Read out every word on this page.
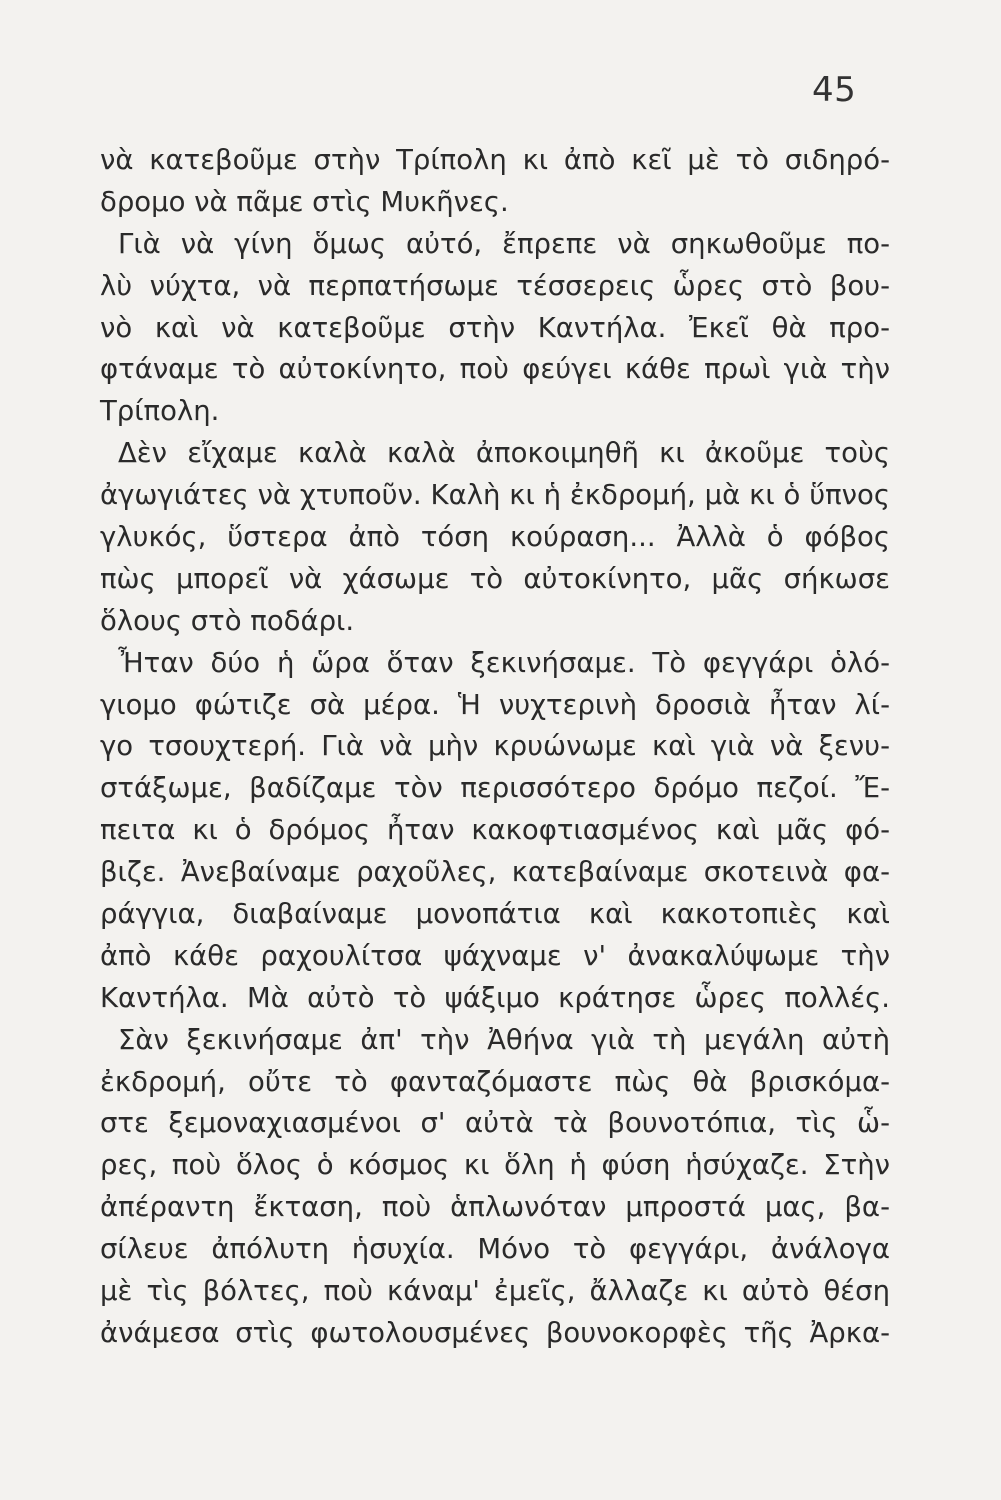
45
νὰ κατεβοῦμε στὴν Τρίπολη κι ἀπὸ κεῖ μὲ τὸ σιδηρό-
δρομο νὰ πᾶμε στὶς Μυκῆνες.
Γιὰ νὰ γίνη ὅμως αὐτό, ἔπρεπε νὰ σηκωθοῦμε πο-
λὺ νύχτα, νὰ περπατήσωμε τέσσερεις ὧρες στὸ βου-
νὸ καὶ νὰ κατεβοῦμε στὴν Καντήλα. Ἐκεῖ θὰ προ-
φτάναμε τὸ αὐτοκίνητο, ποὺ φεύγει κάθε πρωὶ γιὰ τὴν
Τρίπολη.
Δὲν εἴχαμε καλὰ καλὰ ἀποκοιμηθῆ κι ἀκοῦμε τοὺς
ἀγωγιάτες νὰ χτυποῦν. Καλὴ κι ἡ ἐκδρομή, μὰ κι ὁ ὕπνος
γλυκός, ὕστερα ἀπὸ τόση κούραση... Ἀλλὰ ὁ φόβος
πὼς μπορεῖ νὰ χάσωμε τὸ αὐτοκίνητο, μᾶς σήκωσε
ὅλους στὸ ποδάρι.
Ἦταν δύο ἡ ὥρα ὅταν ξεκινήσαμε. Τὸ φεγγάρι ὁλό-
γιομο φώτιζε σὰ μέρα. Ἡ νυχτερινὴ δροσιὰ ἦταν λί-
γο τσουχτερή. Γιὰ νὰ μὴν κρυώνωμε καὶ γιὰ νὰ ξενυ-
στάξωμε, βαδίζαμε τὸν περισσότερο δρόμο πεζοί. Ἔ-
πειτα κι ὁ δρόμος ἦταν κακοφτιασμένος καὶ μᾶς φό-
βιζε. Ἀνεβαίναμε ραχοῦλες, κατεβαίναμε σκοτεινὰ φα-
ράγγια, διαβαίναμε μονοπάτια καὶ κακοτοπιὲς καὶ
ἀπὸ κάθε ραχουλίτσα ψάχναμε ν' ἀνακαλύψωμε τὴν
Καντήλα. Μὰ αὐτὸ τὸ ψάξιμο κράτησε ὧρες πολλές.
Σὰν ξεκινήσαμε ἀπ' τὴν Ἀθήνα γιὰ τὴ μεγάλη αὐτὴ
ἐκδρομή, οὔτε τὸ φανταζόμαστε πὼς θὰ βρισκόμα-
στε ξεμοναχιασμένοι σ' αὐτὰ τὰ βουνοτόπια, τὶς ὧ-
ρες, ποὺ ὅλος ὁ κόσμος κι ὅλη ἡ φύση ἡσύχαζε. Στὴν
ἀπέραντη ἔκταση, ποὺ ἁπλωνόταν μπροστά μας, βα-
σίλευε ἀπόλυτη ἡσυχία. Μόνο τὸ φεγγάρι, ἀνάλογα
μὲ τὶς βόλτες, ποὺ κάναμ' ἐμεῖς, ἄλλαζε κι αὐτὸ θέση
ἀνάμεσα στὶς φωτολουσμένες βουνοκορφὲς τῆς Ἀρκα-
